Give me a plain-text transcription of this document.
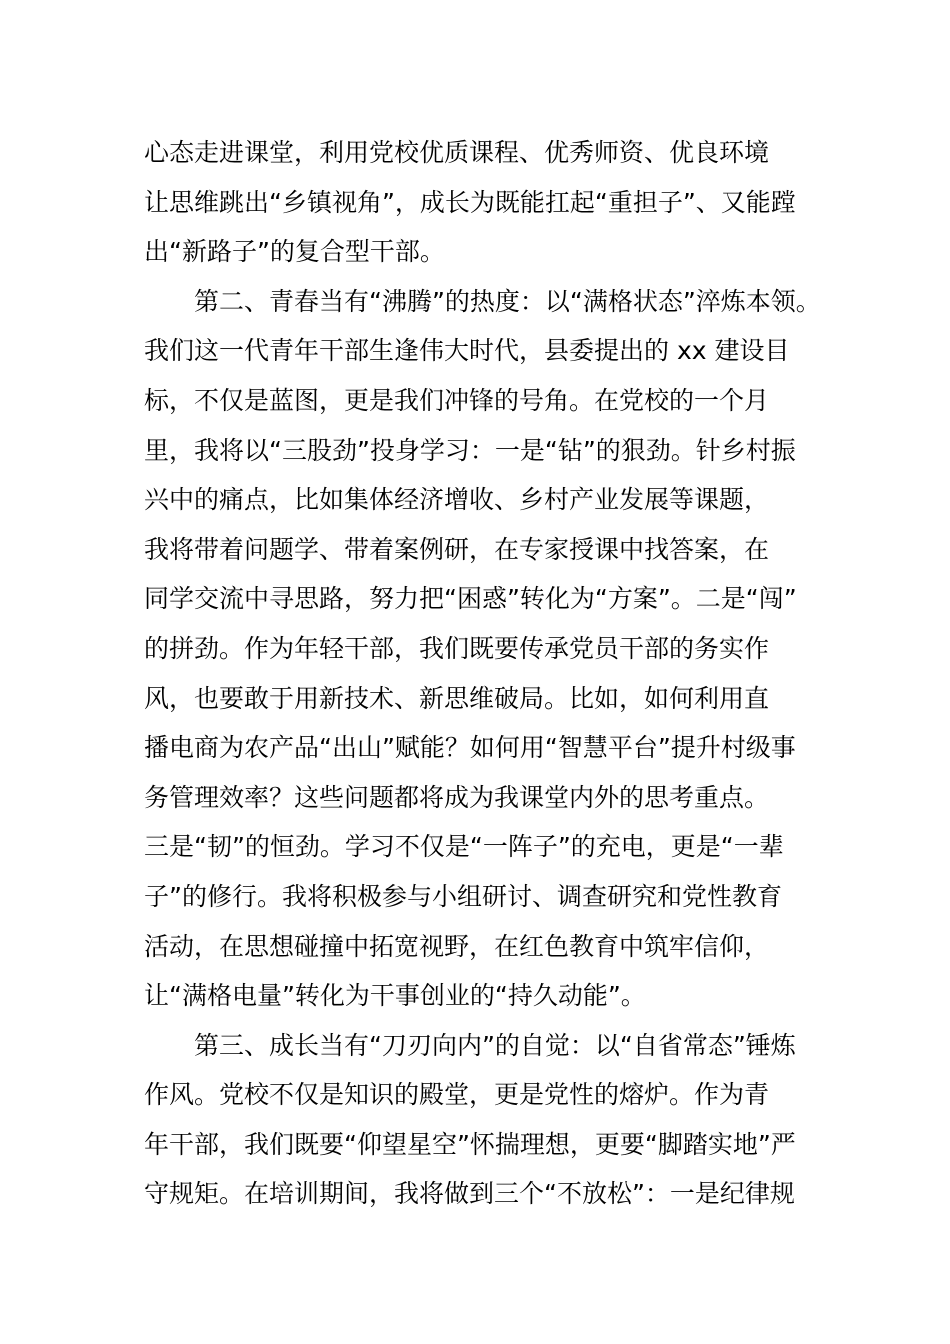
心态走进课堂，利用党校优质课程、优秀师资、优良环境
让思维跳出“乡镇视角”，成长为既能扛起“重担子”、又能蹚
出“新路子”的复合型干部。
第二、青春当有“沸腾”的热度：以“满格状态”淬炼本领。
我们这一代青年干部生逢伟大时代，县委提出的 xx 建设目
标，不仅是蓝图，更是我们冲锋的号角。在党校的一个月
里，我将以“三股劲”投身学习：一是“钻”的狠劲。针乡村振
兴中的痛点，比如集体经济增收、乡村产业发展等课题，
我将带着问题学、带着案例研，在专家授课中找答案，在
同学交流中寻思路，努力把“困惑”转化为“方案”。二是“闯”
的拼劲。作为年轻干部，我们既要传承党员干部的务实作
风，也要敢于用新技术、新思维破局。比如，如何利用直
播电商为农产品“出山”赋能？如何用“智慧平台”提升村级事
务管理效率？这些问题都将成为我课堂内外的思考重点。
三是“韧”的恒劲。学习不仅是“一阵子”的充电，更是“一辈
子”的修行。我将积极参与小组研讨、调查研究和党性教育
活动，在思想碰撞中拓宽视野，在红色教育中筑牢信仰，
让“满格电量”转化为干事创业的“持久动能”。
第三、成长当有“刀刃向内”的自觉：以“自省常态”锤炼
作风。党校不仅是知识的殿堂，更是党性的熔炉。作为青
年干部，我们既要“仰望星空”怀揣理想，更要“脚踏实地”严
守规矩。在培训期间，我将做到三个“不放松”：一是纪律规
